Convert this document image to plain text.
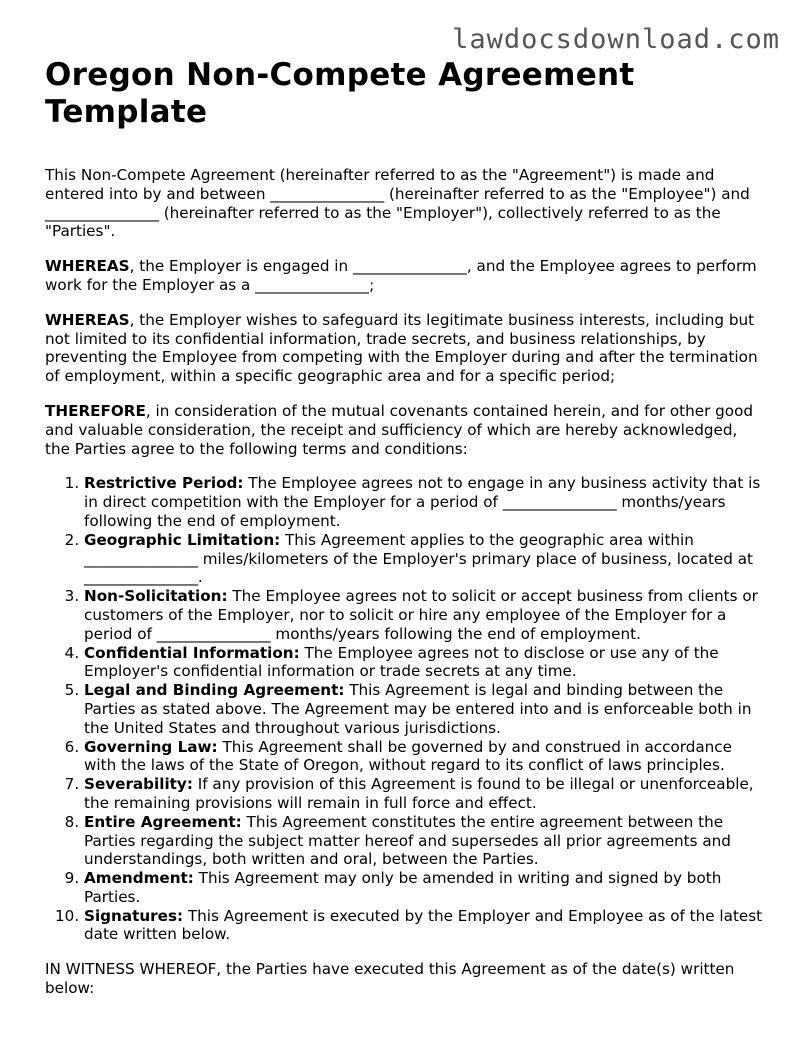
lawdocsdownload.com
Oregon Non-Compete Agreement Template

This Non-Compete Agreement (hereinafter referred to as the "Agreement") is made and entered into by and between _______________ (hereinafter referred to as the "Employee") and _______________ (hereinafter referred to as the "Employer"), collectively referred to as the "Parties".

WHEREAS, the Employer is engaged in _______________, and the Employee agrees to perform work for the Employer as a _______________;

WHEREAS, the Employer wishes to safeguard its legitimate business interests, including but not limited to its confidential information, trade secrets, and business relationships, by preventing the Employee from competing with the Employer during and after the termination of employment, within a specific geographic area and for a specific period;

THEREFORE, in consideration of the mutual covenants contained herein, and for other good and valuable consideration, the receipt and sufficiency of which are hereby acknowledged, the Parties agree to the following terms and conditions:

1. Restrictive Period: The Employee agrees not to engage in any business activity that is in direct competition with the Employer for a period of _______________ months/years following the end of employment.
2. Geographic Limitation: This Agreement applies to the geographic area within _______________ miles/kilometers of the Employer's primary place of business, located at _______________.
3. Non-Solicitation: The Employee agrees not to solicit or accept business from clients or customers of the Employer, nor to solicit or hire any employee of the Employer for a period of _______________ months/years following the end of employment.
4. Confidential Information: The Employee agrees not to disclose or use any of the Employer's confidential information or trade secrets at any time.
5. Legal and Binding Agreement: This Agreement is legal and binding between the Parties as stated above. The Agreement may be entered into and is enforceable both in the United States and throughout various jurisdictions.
6. Governing Law: This Agreement shall be governed by and construed in accordance with the laws of the State of Oregon, without regard to its conflict of laws principles.
7. Severability: If any provision of this Agreement is found to be illegal or unenforceable, the remaining provisions will remain in full force and effect.
8. Entire Agreement: This Agreement constitutes the entire agreement between the Parties regarding the subject matter hereof and supersedes all prior agreements and understandings, both written and oral, between the Parties.
9. Amendment: This Agreement may only be amended in writing and signed by both Parties.
10. Signatures: This Agreement is executed by the Employer and Employee as of the latest date written below.

IN WITNESS WHEREOF, the Parties have executed this Agreement as of the date(s) written below:
